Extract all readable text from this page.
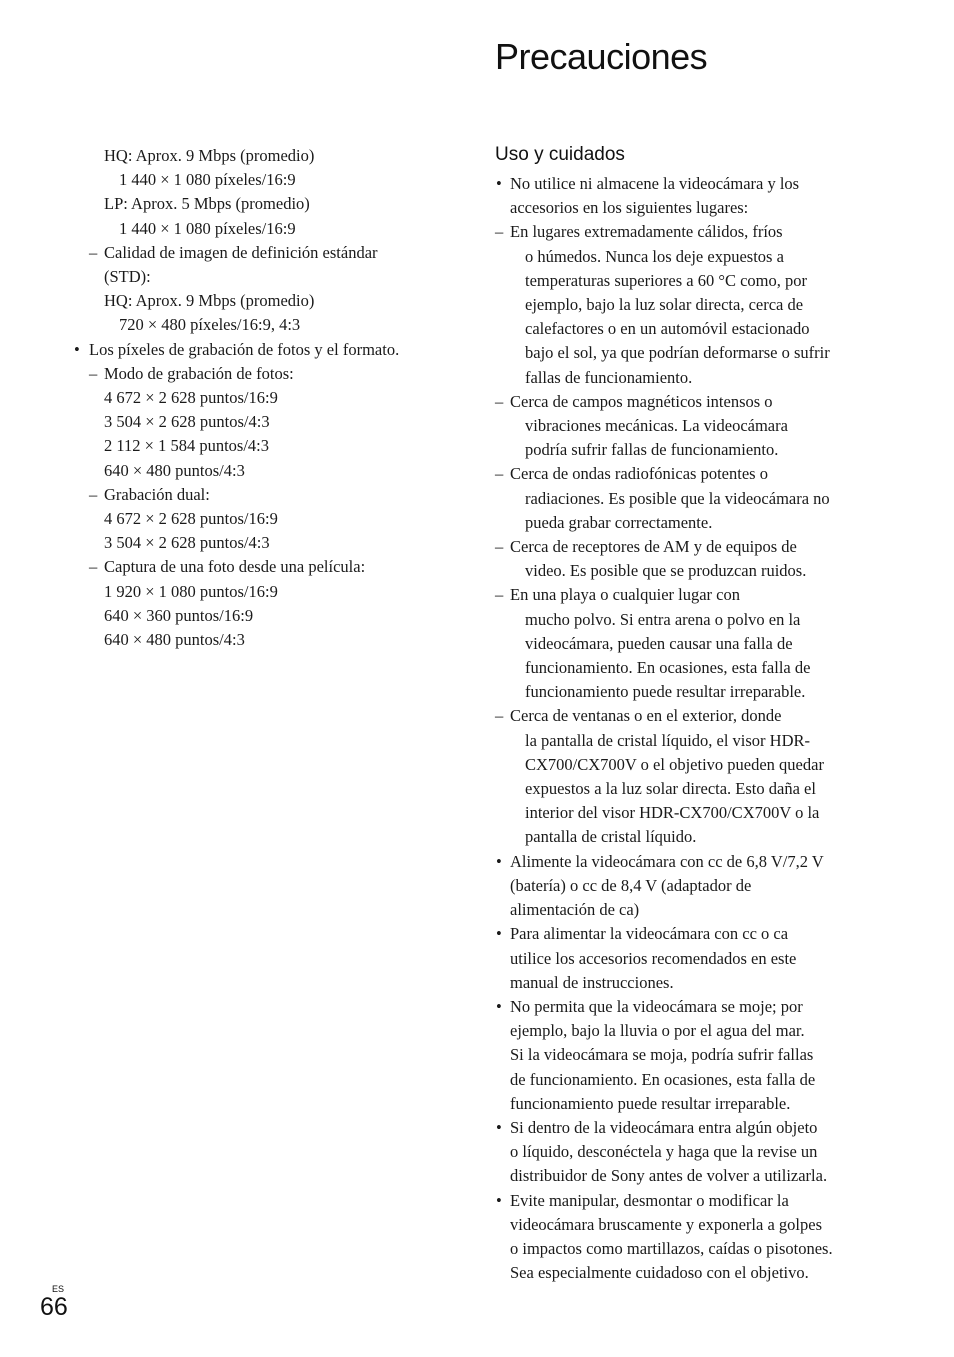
Precauciones
HQ: Aprox. 9 Mbps (promedio)
1 440 × 1 080 píxeles/16:9
LP: Aprox. 5 Mbps (promedio)
1 440 × 1 080 píxeles/16:9
– Calidad de imagen de definición estándar
(STD):
HQ: Aprox. 9 Mbps (promedio)
720 × 480 píxeles/16:9, 4:3
• Los píxeles de grabación de fotos y el formato.
– Modo de grabación de fotos:
4 672 × 2 628 puntos/16:9
3 504 × 2 628 puntos/4:3
2 112 × 1 584 puntos/4:3
640 × 480 puntos/4:3
– Grabación dual:
4 672 × 2 628 puntos/16:9
3 504 × 2 628 puntos/4:3
– Captura de una foto desde una película:
1 920 × 1 080 puntos/16:9
640 × 360 puntos/16:9
640 × 480 puntos/4:3
Uso y cuidados
• No utilice ni almacene la videocámara y los
accesorios en los siguientes lugares:
– En lugares extremadamente cálidos, fríos
o húmedos. Nunca los deje expuestos a
temperaturas superiores a 60 °C como, por
ejemplo, bajo la luz solar directa, cerca de
calefactores o en un automóvil estacionado
bajo el sol, ya que podrían deformarse o sufrir
fallas de funcionamiento.
– Cerca de campos magnéticos intensos o
vibraciones mecánicas. La videocámara
podría sufrir fallas de funcionamiento.
– Cerca de ondas radiofónicas potentes o
radiaciones. Es posible que la videocámara no
pueda grabar correctamente.
– Cerca de receptores de AM y de equipos de
video. Es posible que se produzcan ruidos.
– En una playa o cualquier lugar con
mucho polvo. Si entra arena o polvo en la
videocámara, pueden causar una falla de
funcionamiento. En ocasiones, esta falla de
funcionamiento puede resultar irreparable.
– Cerca de ventanas o en el exterior, donde
la pantalla de cristal líquido, el visor HDR-
CX700/CX700V o el objetivo pueden quedar
expuestos a la luz solar directa. Esto daña el
interior del visor HDR-CX700/CX700V o la
pantalla de cristal líquido.
• Alimente la videocámara con cc de 6,8 V/7,2 V
(batería) o cc de 8,4 V (adaptador de
alimentación de ca)
• Para alimentar la videocámara con cc o ca
utilice los accesorios recomendados en este
manual de instrucciones.
• No permita que la videocámara se moje; por
ejemplo, bajo la lluvia o por el agua del mar.
Si la videocámara se moja, podría sufrir fallas
de funcionamiento. En ocasiones, esta falla de
funcionamiento puede resultar irreparable.
• Si dentro de la videocámara entra algún objeto
o líquido, desconéctela y haga que la revise un
distribuidor de Sony antes de volver a utilizarla.
• Evite manipular, desmontar o modificar la
videocámara bruscamente y exponerla a golpes
o impactos como martillazos, caídas o pisotones.
Sea especialmente cuidadoso con el objetivo.
ES
66
